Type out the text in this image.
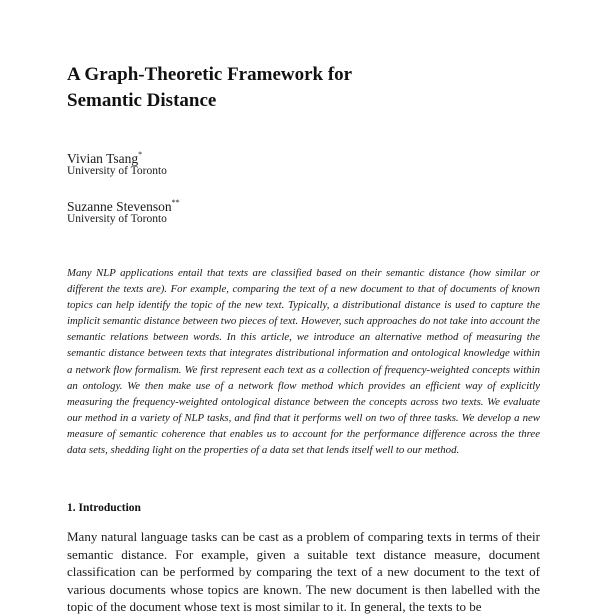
A Graph-Theoretic Framework for
Semantic Distance
Vivian Tsang*
University of Toronto
Suzanne Stevenson**
University of Toronto
Many NLP applications entail that texts are classified based on their semantic distance (how similar or different the texts are). For example, comparing the text of a new document to that of documents of known topics can help identify the topic of the new text. Typically, a distributional distance is used to capture the implicit semantic distance between two pieces of text. However, such approaches do not take into account the semantic relations between words. In this article, we introduce an alternative method of measuring the semantic distance between texts that integrates distributional information and ontological knowledge within a network flow formalism. We first represent each text as a collection of frequency-weighted concepts within an ontology. We then make use of a network flow method which provides an efficient way of explicitly measuring the frequency-weighted ontological distance between the concepts across two texts. We evaluate our method in a variety of NLP tasks, and find that it performs well on two of three tasks. We develop a new measure of semantic coherence that enables us to account for the performance difference across the three data sets, shedding light on the properties of a data set that lends itself well to our method.
1. Introduction
Many natural language tasks can be cast as a problem of comparing texts in terms of their semantic distance. For example, given a suitable text distance measure, document classification can be performed by comparing the text of a new document to the text of various documents whose topics are known. The new document is then labelled with the topic of the document whose text is most similar to it. In general, the texts to be
